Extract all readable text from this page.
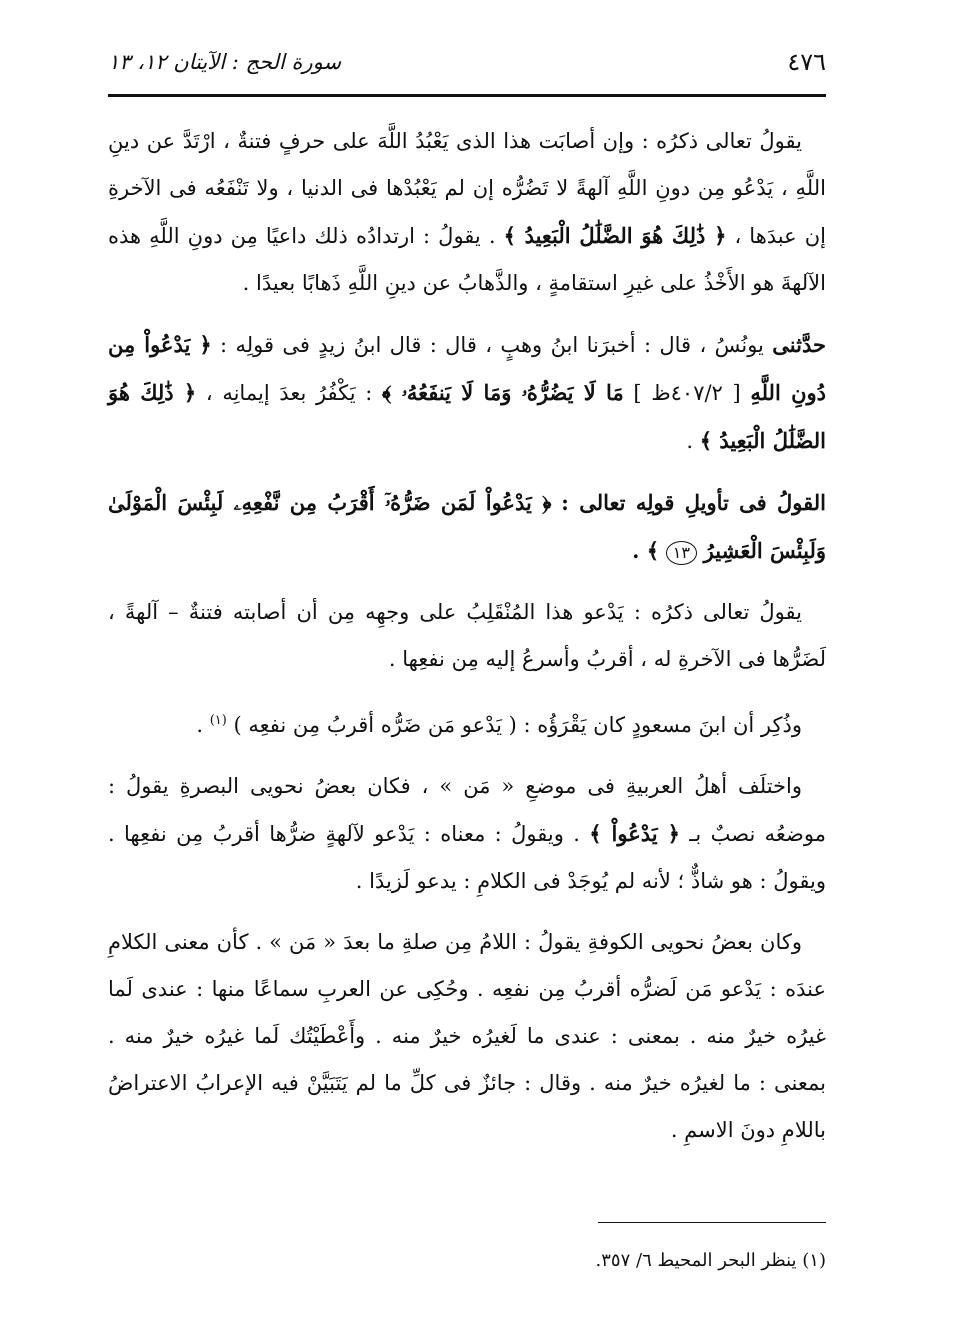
٤٧٦
سورة الحج : الآيتان ١٢، ١٣

يقولُ تعالى ذكرُه : وإن أصابَت هذا الذى يَعْبُدُ اللَّهَ على حرفٍ فتنةٌ ، ارْتَدَّ عن دينِ اللَّهِ ، يَدْعُو مِن دونِ اللَّهِ آلهةً لا تَضُرُّه إن لم يَعْبُدْها فى الدنيا ، ولا تَنْفَعُه فى الآخرةِ إن عبدَها ، ﴿ ذَٰلِكَ هُوَ الضَّلَٰلُ الْبَعِيدُ ﴾ . يقولُ : ارتدادُه ذلك داعيًا مِن دونِ اللَّهِ هذه الآلهةَ هو الأَخْذُ على غيرِ استقامةٍ ، والذَّهابُ عن دينِ اللَّهِ ذَهابًا بعيدًا .

حدَّثنى يونُسُ ، قال : أخبرَنا ابنُ وهبٍ ، قال : قال ابنُ زيدٍ فى قولِه : ﴿ يَدْعُواْ مِن دُونِ اللَّهِ [ ٤٠٧/٢ظ ] مَا لَا يَضُرُّهُۥ وَمَا لَا يَنفَعُهُۥ ﴾ : يَكْفُرُ بعدَ إيمانِه ، ﴿ ذَٰلِكَ هُوَ الضَّلَٰلُ الْبَعِيدُ ﴾ .

القولُ فى تأويلِ قولِه تعالى : ﴿ يَدْعُواْ لَمَن ضَرُّهُۥٓ أَقْرَبُ مِن نَّفْعِهِۦ لَبِئْسَ الْمَوْلَىٰ وَلَبِئْسَ الْعَشِيرُ ١٣ ﴾ .

يقولُ تعالى ذكرُه : يَدْعو هذا المُنْقَلِبُ على وجهِه مِن أن أصابته فتنةٌ – آلهةً ، لَضَرُّها فى الآخرةِ له ، أقربُ وأسرعُ إليه مِن نفعِها .

وذُكِر أن ابنَ مسعودٍ كان يَقْرَؤُه : ( يَدْعو مَن ضَرُّه أقربُ مِن نفعِه ) $^{(١)}$ .

واختلَف أهلُ العربيةِ فى موضعِ « مَن » ، فكان بعضُ نحويى البصرةِ يقولُ : موضعُه نصبٌ بـ ﴿ يَدْعُواْ ﴾ . ويقولُ : معناه : يَدْعو لآلهةٍ ضرُّها أقربُ مِن نفعِها . ويقولُ : هو شاذٌّ ؛ لأنه لم يُوجَدْ فى الكلامِ : يدعو لَزيدًا .

وكان بعضُ نحويى الكوفةِ يقولُ : اللامُ مِن صلةِ ما بعدَ « مَن » . كأن معنى الكلامِ عندَه : يَدْعو مَن لَضرُّه أقربُ مِن نفعِه . وحُكِى عن العربِ سماعًا منها : عندى لَما غيرُه خيرٌ منه . بمعنى : عندى ما لَغيرُه خيرٌ منه . وأَعْطَيْتُك لَما غيرُه خيرٌ منه . بمعنى : ما لغيرُه خيرٌ منه . وقال : جائزٌ فى كلِّ ما لم يَتَبَيَّنْ فيه الإعرابُ الاعتراضُ باللامِ دونَ الاسمِ .

(١) ينظر البحر المحيط ٦/ ٣٥٧.
